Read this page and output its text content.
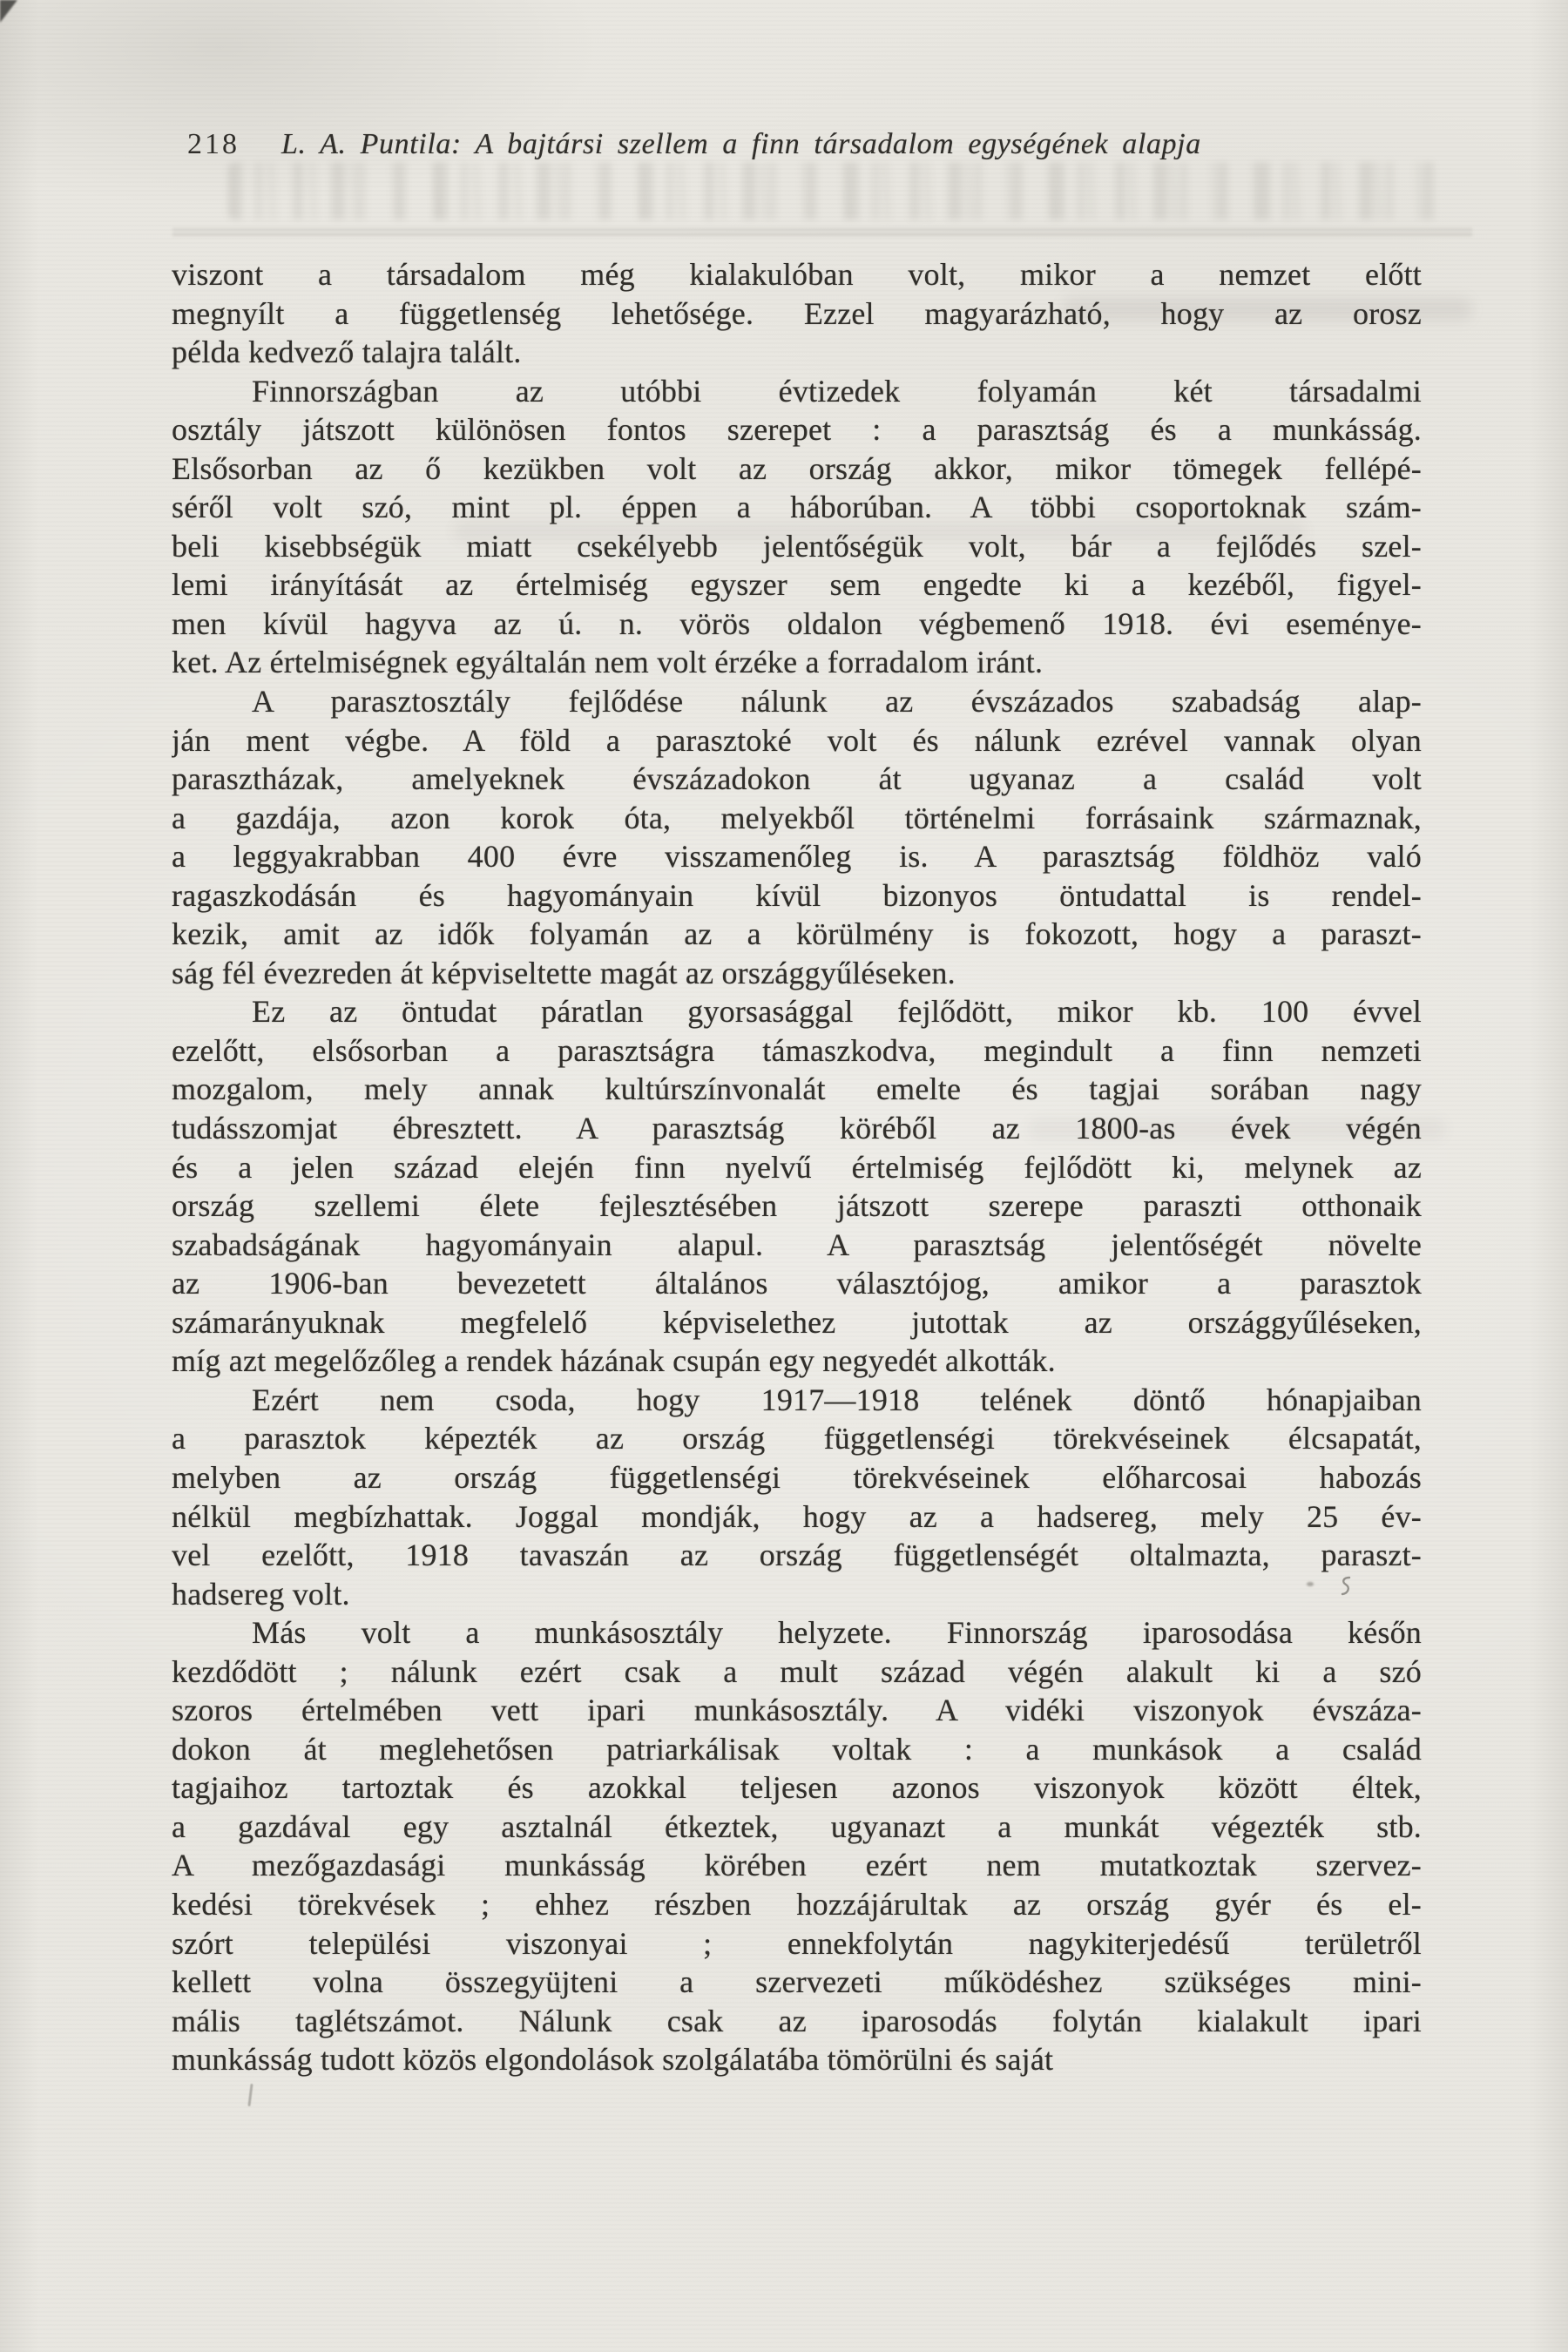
218 L. A. Puntila: A bajtársi szellem a finn társadalom egységének alapja
viszont a társadalom még kialakulóban volt, mikor a nemzet előtt
megnyílt a függetlenség lehetősége. Ezzel magyarázható, hogy az orosz
példa kedvező talajra talált.
Finnországban az utóbbi évtizedek folyamán két társadalmi
osztály játszott különösen fontos szerepet : a parasztság és a munkásság.
Elsősorban az ő kezükben volt az ország akkor, mikor tömegek fellépé-
séről volt szó, mint pl. éppen a háborúban. A többi csoportoknak szám-
beli kisebbségük miatt csekélyebb jelentőségük volt, bár a fejlődés szel-
lemi irányítását az értelmiség egyszer sem engedte ki a kezéből, figyel-
men kívül hagyva az ú. n. vörös oldalon végbemenő 1918. évi eseménye-
ket. Az értelmiségnek egyáltalán nem volt érzéke a forradalom iránt.
A parasztosztály fejlődése nálunk az évszázados szabadság alap-
ján ment végbe. A föld a parasztoké volt és nálunk ezrével vannak olyan
parasztházak, amelyeknek évszázadokon át ugyanaz a család volt
a gazdája, azon korok óta, melyekből történelmi forrásaink származnak,
a leggyakrabban 400 évre visszamenőleg is. A parasztság földhöz való
ragaszkodásán és hagyományain kívül bizonyos öntudattal is rendel-
kezik, amit az idők folyamán az a körülmény is fokozott, hogy a paraszt-
ság fél évezreden át képviseltette magát az országgyűléseken.
Ez az öntudat páratlan gyorsasággal fejlődött, mikor kb. 100 évvel
ezelőtt, elsősorban a parasztságra támaszkodva, megindult a finn nemzeti
mozgalom, mely annak kultúrszínvonalát emelte és tagjai sorában nagy
tudásszomjat ébresztett. A parasztság köréből az 1800-as évek végén
és a jelen század elején finn nyelvű értelmiség fejlődött ki, melynek az
ország szellemi élete fejlesztésében játszott szerepe paraszti otthonaik
szabadságának hagyományain alapul. A parasztság jelentőségét növelte
az 1906-ban bevezetett általános választójog, amikor a parasztok
számarányuknak megfelelő képviselethez jutottak az országgyűléseken,
míg azt megelőzőleg a rendek házának csupán egy negyedét alkották.
Ezért nem csoda, hogy 1917—1918 telének döntő hónapjaiban
a parasztok képezték az ország függetlenségi törekvéseinek élcsapatát,
melyben az ország függetlenségi törekvéseinek előharcosai habozás
nélkül megbízhattak. Joggal mondják, hogy az a hadsereg, mely 25 év-
vel ezelőtt, 1918 tavaszán az ország függetlenségét oltalmazta, paraszt-
hadsereg volt.
Más volt a munkásosztály helyzete. Finnország iparosodása későn
kezdődött ; nálunk ezért csak a mult század végén alakult ki a szó
szoros értelmében vett ipari munkásosztály. A vidéki viszonyok évszáza-
dokon át meglehetősen patriarkálisak voltak : a munkások a család
tagjaihoz tartoztak és azokkal teljesen azonos viszonyok között éltek,
a gazdával egy asztalnál étkeztek, ugyanazt a munkát végezték stb.
A mezőgazdasági munkásság körében ezért nem mutatkoztak szervez-
kedési törekvések ; ehhez részben hozzájárultak az ország gyér és el-
szórt települési viszonyai ; ennekfolytán nagykiterjedésű területről
kellett volna összegyüjteni a szervezeti működéshez szükséges mini-
mális taglétszámot. Nálunk csak az iparosodás folytán kialakult ipari
munkásság tudott közös elgondolások szolgálatába tömörülni és saját
